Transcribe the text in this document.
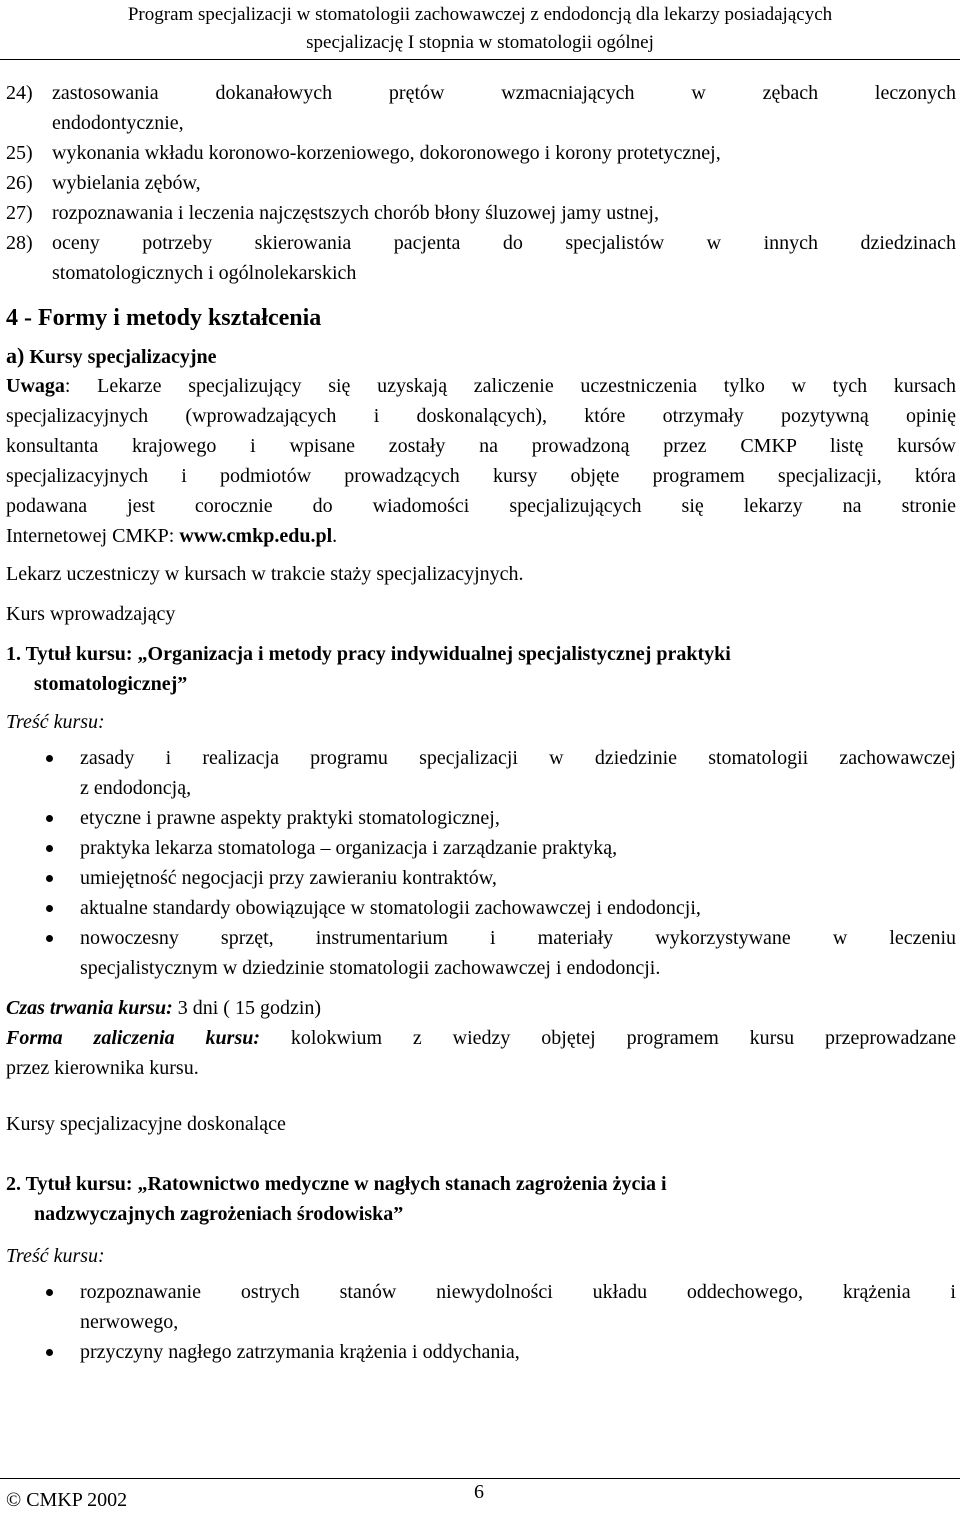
Program specjalizacji w stomatologii zachowawczej z endodoncją dla lekarzy posiadających
specjalizację I stopnia w stomatologii ogólnej
24) zastosowania dokanałowych prętów wzmacniających w zębach leczonych
endodontycznie,
25) wykonania wkładu koronowo-korzeniowego, dokoronowego i korony protetycznej,
26) wybielania zębów,
27) rozpoznawania i leczenia najczęstszych chorób błony śluzowej jamy ustnej,
28) oceny potrzeby skierowania pacjenta do specjalistów w innych dziedzinach
stomatologicznych i ogólnolekarskich

4 - Formy i metody kształcenia

a) Kursy specjalizacyjne

Uwaga: Lekarze specjalizujący się uzyskają zaliczenie uczestniczenia tylko w tych kursach
specjalizacyjnych (wprowadzających i doskonalących), które otrzymały pozytywną opinię
konsultanta krajowego i wpisane zostały na prowadzoną przez CMKP listę kursów
specjalizacyjnych i podmiotów prowadzących kursy objęte programem specjalizacji, która
podawana jest corocznie do wiadomości specjalizujących się lekarzy na stronie
Internetowej CMKP: www.cmkp.edu.pl.

Lekarz uczestniczy w kursach w trakcie staży specjalizacyjnych.

Kurs wprowadzający

1. Tytuł kursu: „Organizacja i metody pracy indywidualnej specjalistycznej praktyki
stomatologicznej”

Treść kursu:

zasady i realizacja programu specjalizacji w dziedzinie stomatologii zachowawczej
z endodoncją,
etyczne i prawne aspekty praktyki stomatologicznej,
praktyka lekarza stomatologa – organizacja i zarządzanie praktyką,
umiejętność negocjacji przy zawieraniu kontraktów,
aktualne standardy obowiązujące w stomatologii zachowawczej i endodoncji,
nowoczesny sprzęt, instrumentarium i materiały wykorzystywane w leczeniu
specjalistycznym w dziedzinie stomatologii zachowawczej i endodoncji.

Czas trwania kursu: 3 dni ( 15 godzin)

Forma zaliczenia kursu: kolokwium z wiedzy objętej programem kursu przeprowadzane
przez kierownika kursu.

Kursy specjalizacyjne doskonalące

2. Tytuł kursu: „Ratownictwo medyczne w nagłych stanach zagrożenia życia i
nadzwyczajnych zagrożeniach środowiska”

Treść kursu:

rozpoznawanie ostrych stanów niewydolności układu oddechowego, krążenia i
nerwowego,
przyczyny nagłego zatrzymania krążenia i oddychania,
© CMKP 2002	6
